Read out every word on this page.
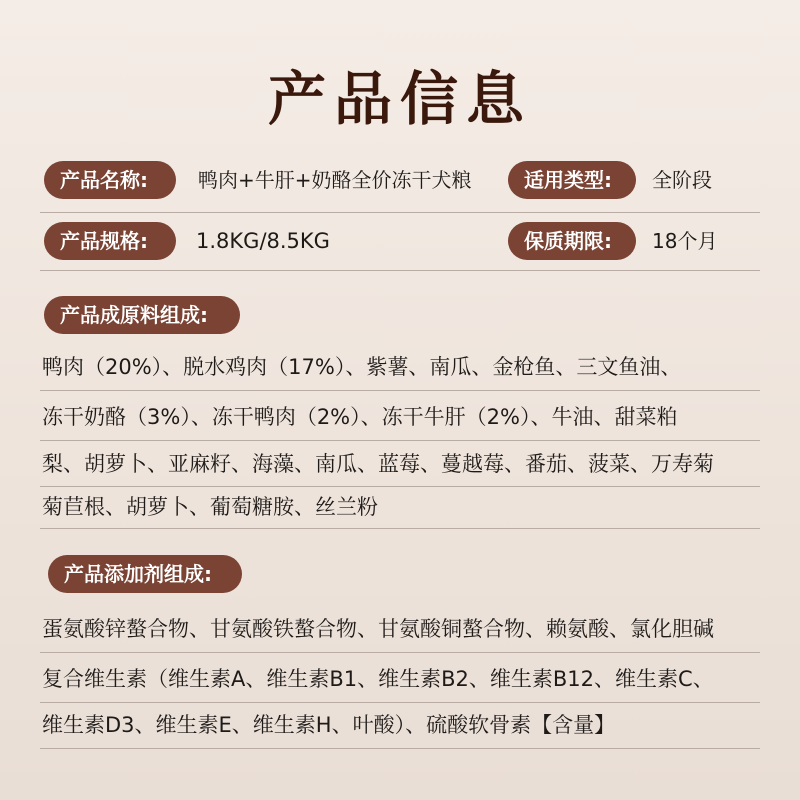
产品信息
产品名称:	鸭肉+牛肝+奶酪全价冻干犬粮	适用类型:	全阶段
产品规格:	1.8KG/8.5KG	保质期限:	18个月
产品成原料组成:
鸭肉（20%）、脱水鸡肉（17%）、紫薯、南瓜、金枪鱼、三文鱼油、
冻干奶酪（3%）、冻干鸭肉（2%）、冻干牛肝（2%）、牛油、甜菜粕
梨、胡萝卜、亚麻籽、海藻、南瓜、蓝莓、蔓越莓、番茄、菠菜、万寿菊
菊苣根、胡萝卜、葡萄糖胺、丝兰粉
产品添加剂组成:
蛋氨酸锌螯合物、甘氨酸铁螯合物、甘氨酸铜螯合物、赖氨酸、氯化胆碱
复合维生素（维生素A、维生素B1、维生素B2、维生素B12、维生素C、
维生素D3、维生素E、维生素H、叶酸）、硫酸软骨素【含量】
